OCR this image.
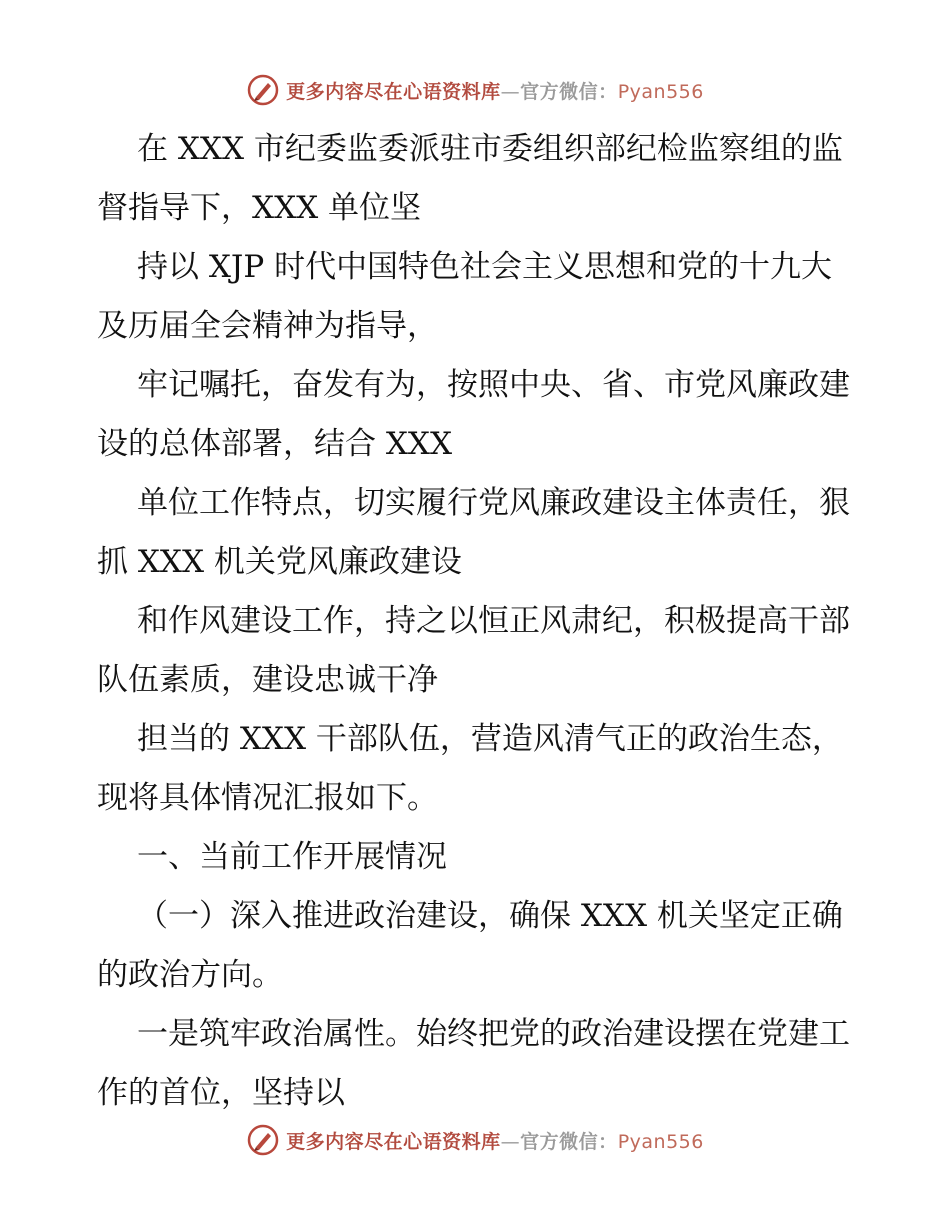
更多内容尽在心语资料库—官方微信：Pyan556

在 XXX 市纪委监委派驻市委组织部纪检监察组的监督指导下，XXX 单位坚

持以 XJP 时代中国特色社会主义思想和党的十九大及历届全会精神为指导，

牢记嘱托，奋发有为，按照中央、省、市党风廉政建设的总体部署，结合 XXX

单位工作特点，切实履行党风廉政建设主体责任，狠抓 XXX 机关党风廉政建设

和作风建设工作，持之以恒正风肃纪，积极提高干部队伍素质，建设忠诚干净

担当的 XXX 干部队伍，营造风清气正的政治生态，现将具体情况汇报如下。

一、当前工作开展情况

（一）深入推进政治建设，确保 XXX 机关坚定正确的政治方向。

一是筑牢政治属性。始终把党的政治建设摆在党建工作的首位，坚持以

更多内容尽在心语资料库—官方微信：Pyan556
